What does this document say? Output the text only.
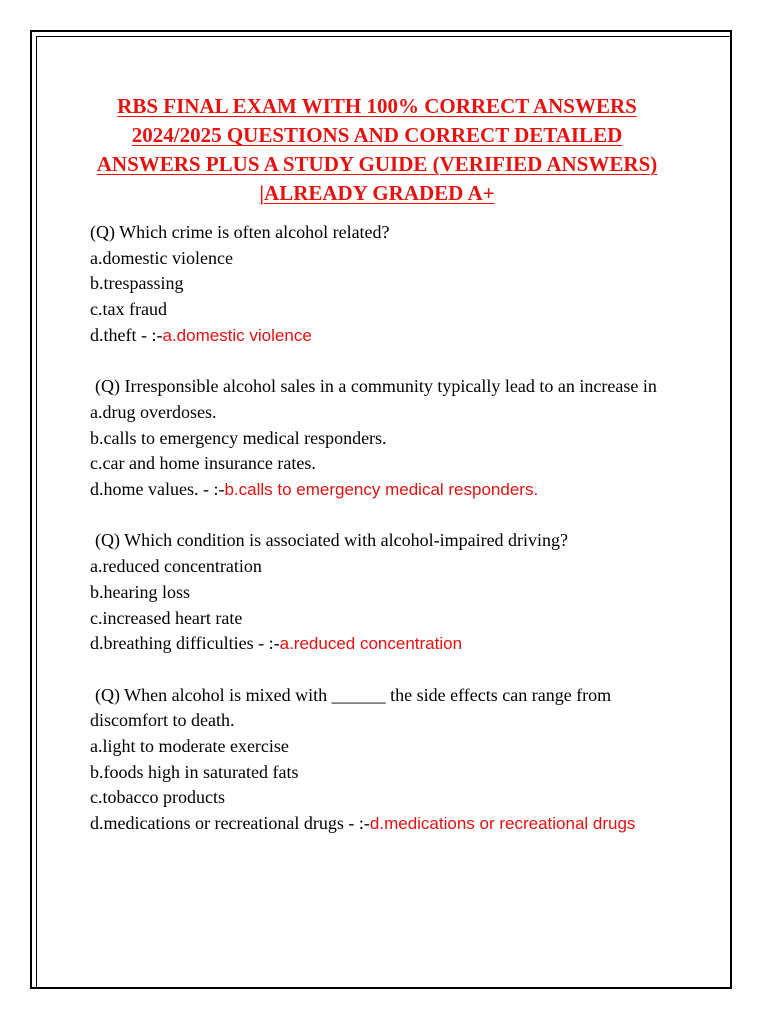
RBS FINAL EXAM WITH 100% CORRECT ANSWERS 2024/2025 QUESTIONS AND CORRECT DETAILED ANSWERS PLUS A STUDY GUIDE (VERIFIED ANSWERS) |ALREADY GRADED A+

(Q) Which crime is often alcohol related?

a.domestic violence

b.trespassing

c.tax fraud

d.theft - :-a.domestic violence

(Q) Irresponsible alcohol sales in a community typically lead to an increase in

a.drug overdoses.

b.calls to emergency medical responders.

c.car and home insurance rates.

d.home values. - :-b.calls to emergency medical responders.

(Q) Which condition is associated with alcohol-impaired driving?

a.reduced concentration

b.hearing loss

c.increased heart rate

d.breathing difficulties - :-a.reduced concentration

(Q) When alcohol is mixed with ______ the side effects can range from discomfort to death.

a.light to moderate exercise

b.foods high in saturated fats

c.tobacco products

d.medications or recreational drugs - :-d.medications or recreational drugs
